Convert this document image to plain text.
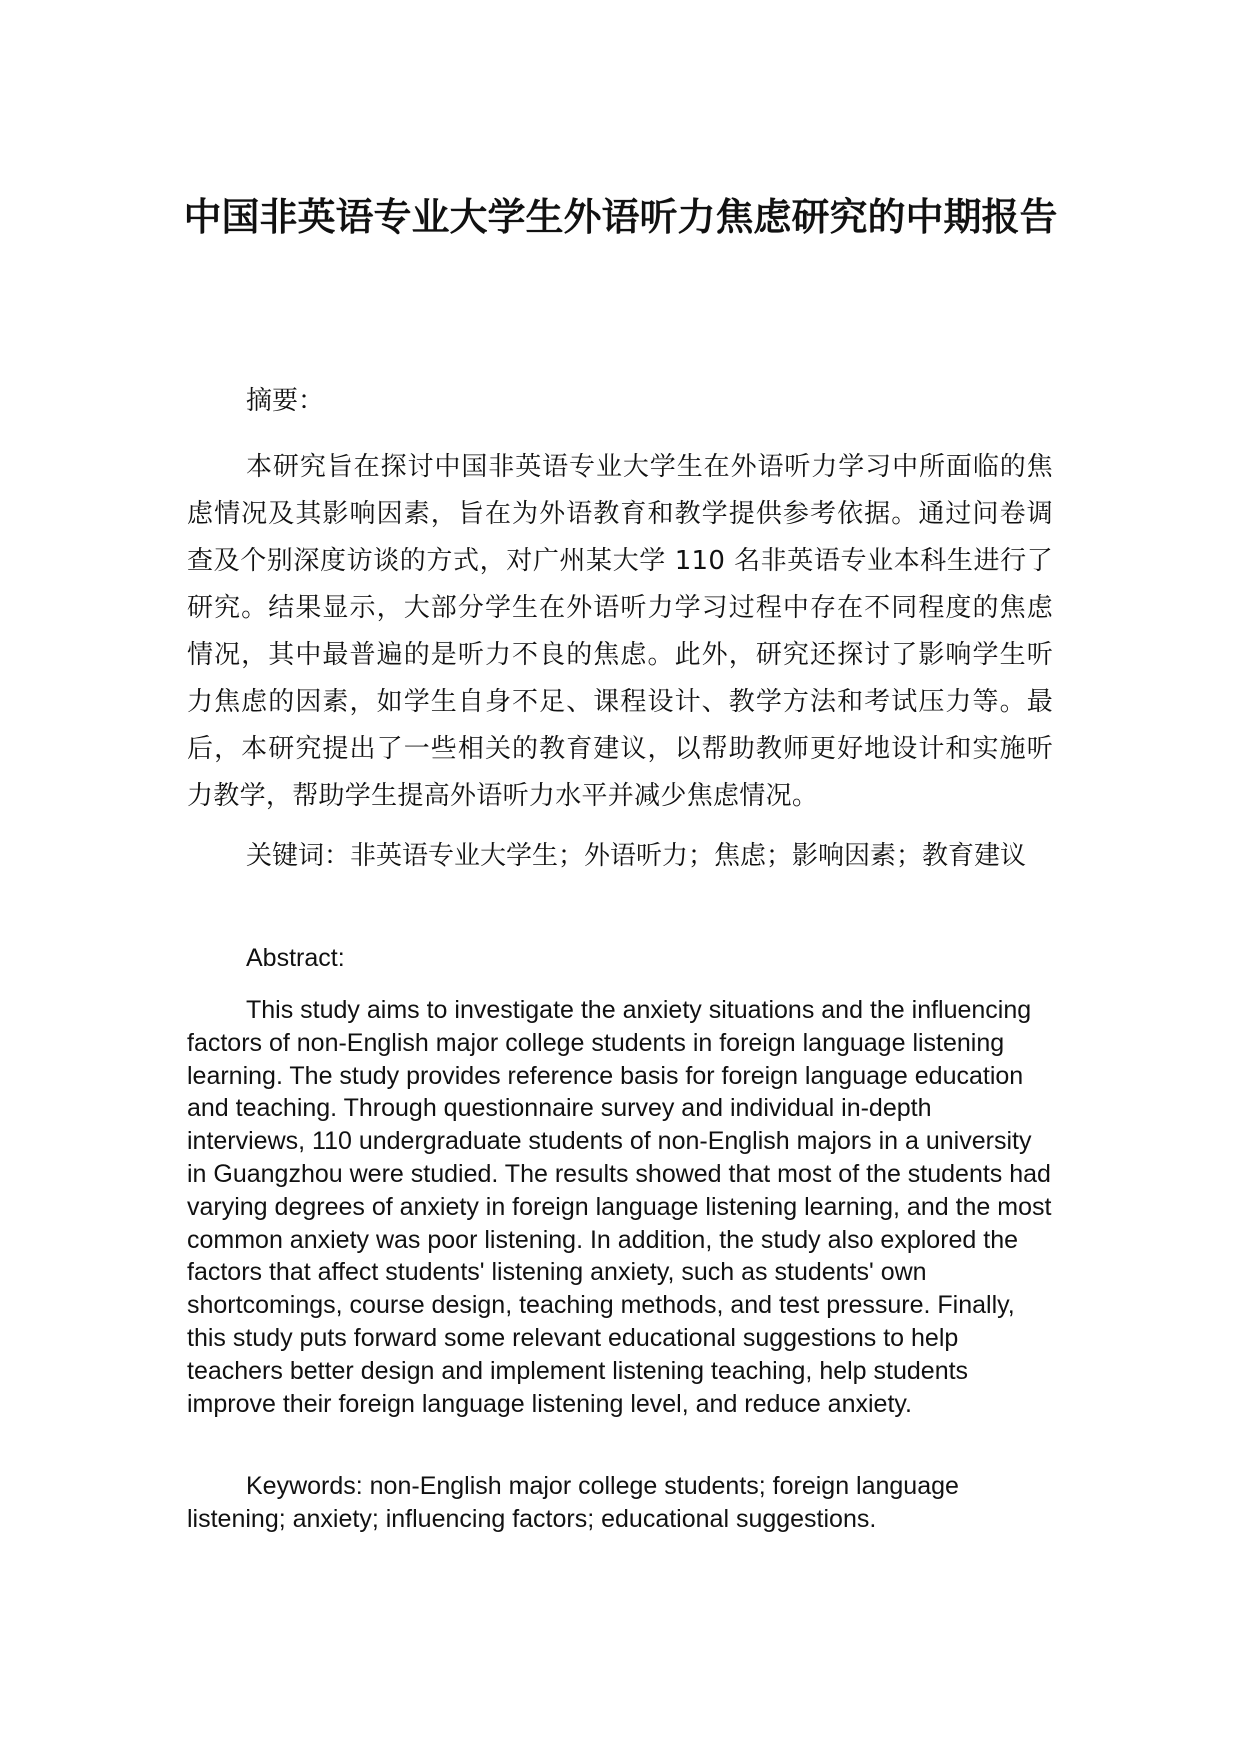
中国非英语专业大学生外语听力焦虑研究的中期报告

摘要：

本研究旨在探讨中国非英语专业大学生在外语听力学习中所面临的焦虑情况及其影响因素，旨在为外语教育和教学提供参考依据。通过问卷调查及个别深度访谈的方式，对广州某大学 110 名非英语专业本科生进行了研究。结果显示，大部分学生在外语听力学习过程中存在不同程度的焦虑情况，其中最普遍的是听力不良的焦虑。此外，研究还探讨了影响学生听力焦虑的因素，如学生自身不足、课程设计、教学方法和考试压力等。最后，本研究提出了一些相关的教育建议，以帮助教师更好地设计和实施听力教学，帮助学生提高外语听力水平并减少焦虑情况。

关键词：非英语专业大学生；外语听力；焦虑；影响因素；教育建议

Abstract:

This study aims to investigate the anxiety situations and the influencing factors of non-English major college students in foreign language listening learning. The study provides reference basis for foreign language education and teaching. Through questionnaire survey and individual in-depth interviews, 110 undergraduate students of non-English majors in a university in Guangzhou were studied. The results showed that most of the students had varying degrees of anxiety in foreign language listening learning, and the most common anxiety was poor listening. In addition, the study also explored the factors that affect students' listening anxiety, such as students' own shortcomings, course design, teaching methods, and test pressure. Finally, this study puts forward some relevant educational suggestions to help teachers better design and implement listening teaching, help students improve their foreign language listening level, and reduce anxiety.

Keywords: non-English major college students; foreign language listening; anxiety; influencing factors; educational suggestions.
